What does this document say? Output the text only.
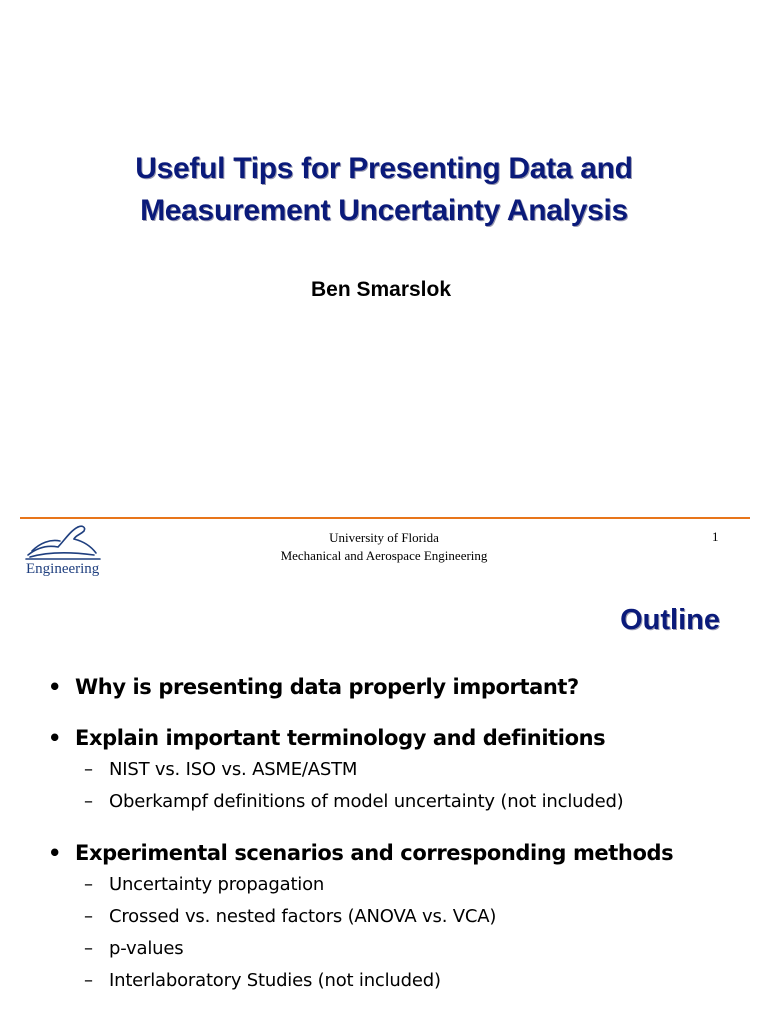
Useful Tips for Presenting Data and
Measurement Uncertainty Analysis
Ben Smarslok
Engineering
University of Florida
Mechanical and Aerospace Engineering
1
Outline
• Why is presenting data properly important?
• Explain important terminology and definitions
– NIST vs. ISO vs. ASME/ASTM
– Oberkampf definitions of model uncertainty (not included)
• Experimental scenarios and corresponding methods
– Uncertainty propagation
– Crossed vs. nested factors (ANOVA vs. VCA)
– p-values
– Interlaboratory Studies (not included)
